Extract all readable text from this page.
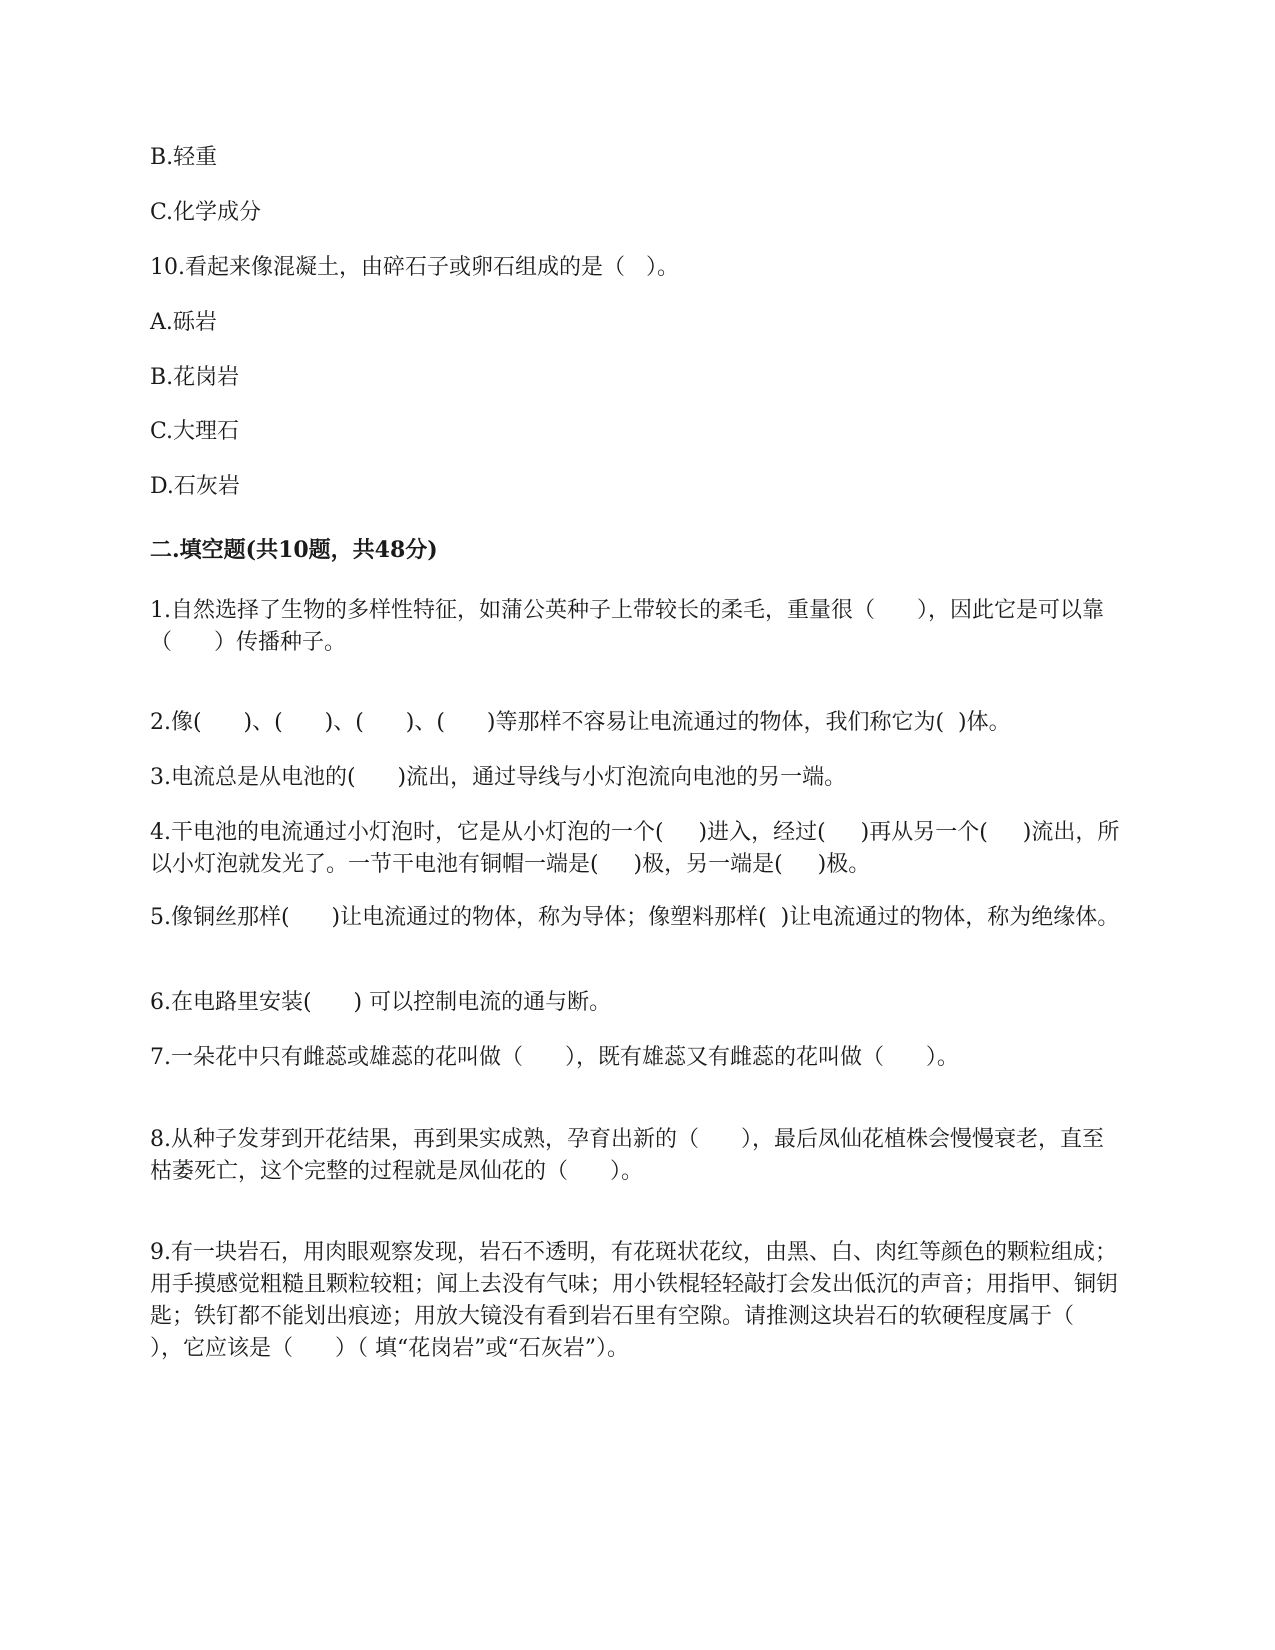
B.轻重

C.化学成分

10.看起来像混凝土，由碎石子或卵石组成的是（   ）。

A.砾岩

B.花岗岩

C.大理石

D.石灰岩

二.填空题(共10题，共48分)

1.自然选择了生物的多样性特征，如蒲公英种子上带较长的柔毛，重量很（      ），因此它是可以靠（      ）传播种子。

2.像(      )、(      )、(      )、(      )等那样不容易让电流通过的物体，我们称它为(  )体。

3.电流总是从电池的(      )流出，通过导线与小灯泡流向电池的另一端。

4.干电池的电流通过小灯泡时，它是从小灯泡的一个(     )进入，经过(     )再从另一个(     )流出，所以小灯泡就发光了。一节干电池有铜帽一端是(     )极，另一端是(     )极。

5.像铜丝那样(      )让电流通过的物体，称为导体；像塑料那样(  )让电流通过的物体，称为绝缘体。

6.在电路里安装(      ) 可以控制电流的通与断。

7.一朵花中只有雌蕊或雄蕊的花叫做（      ），既有雄蕊又有雌蕊的花叫做（      ）。

8.从种子发芽到开花结果，再到果实成熟，孕育出新的（      ），最后凤仙花植株会慢慢衰老，直至枯萎死亡，这个完整的过程就是凤仙花的（      ）。

9.有一块岩石，用肉眼观察发现，岩石不透明，有花斑状花纹，由黑、白、肉红等颜色的颗粒组成；用手摸感觉粗糙且颗粒较粗；闻上去没有气味；用小铁棍轻轻敲打会发出低沉的声音；用指甲、铜钥匙；铁钉都不能划出痕迹；用放大镜没有看到岩石里有空隙。请推测这块岩石的软硬程度属于（      ），它应该是（      ）（ 填“花岗岩”或“石灰岩”）。
